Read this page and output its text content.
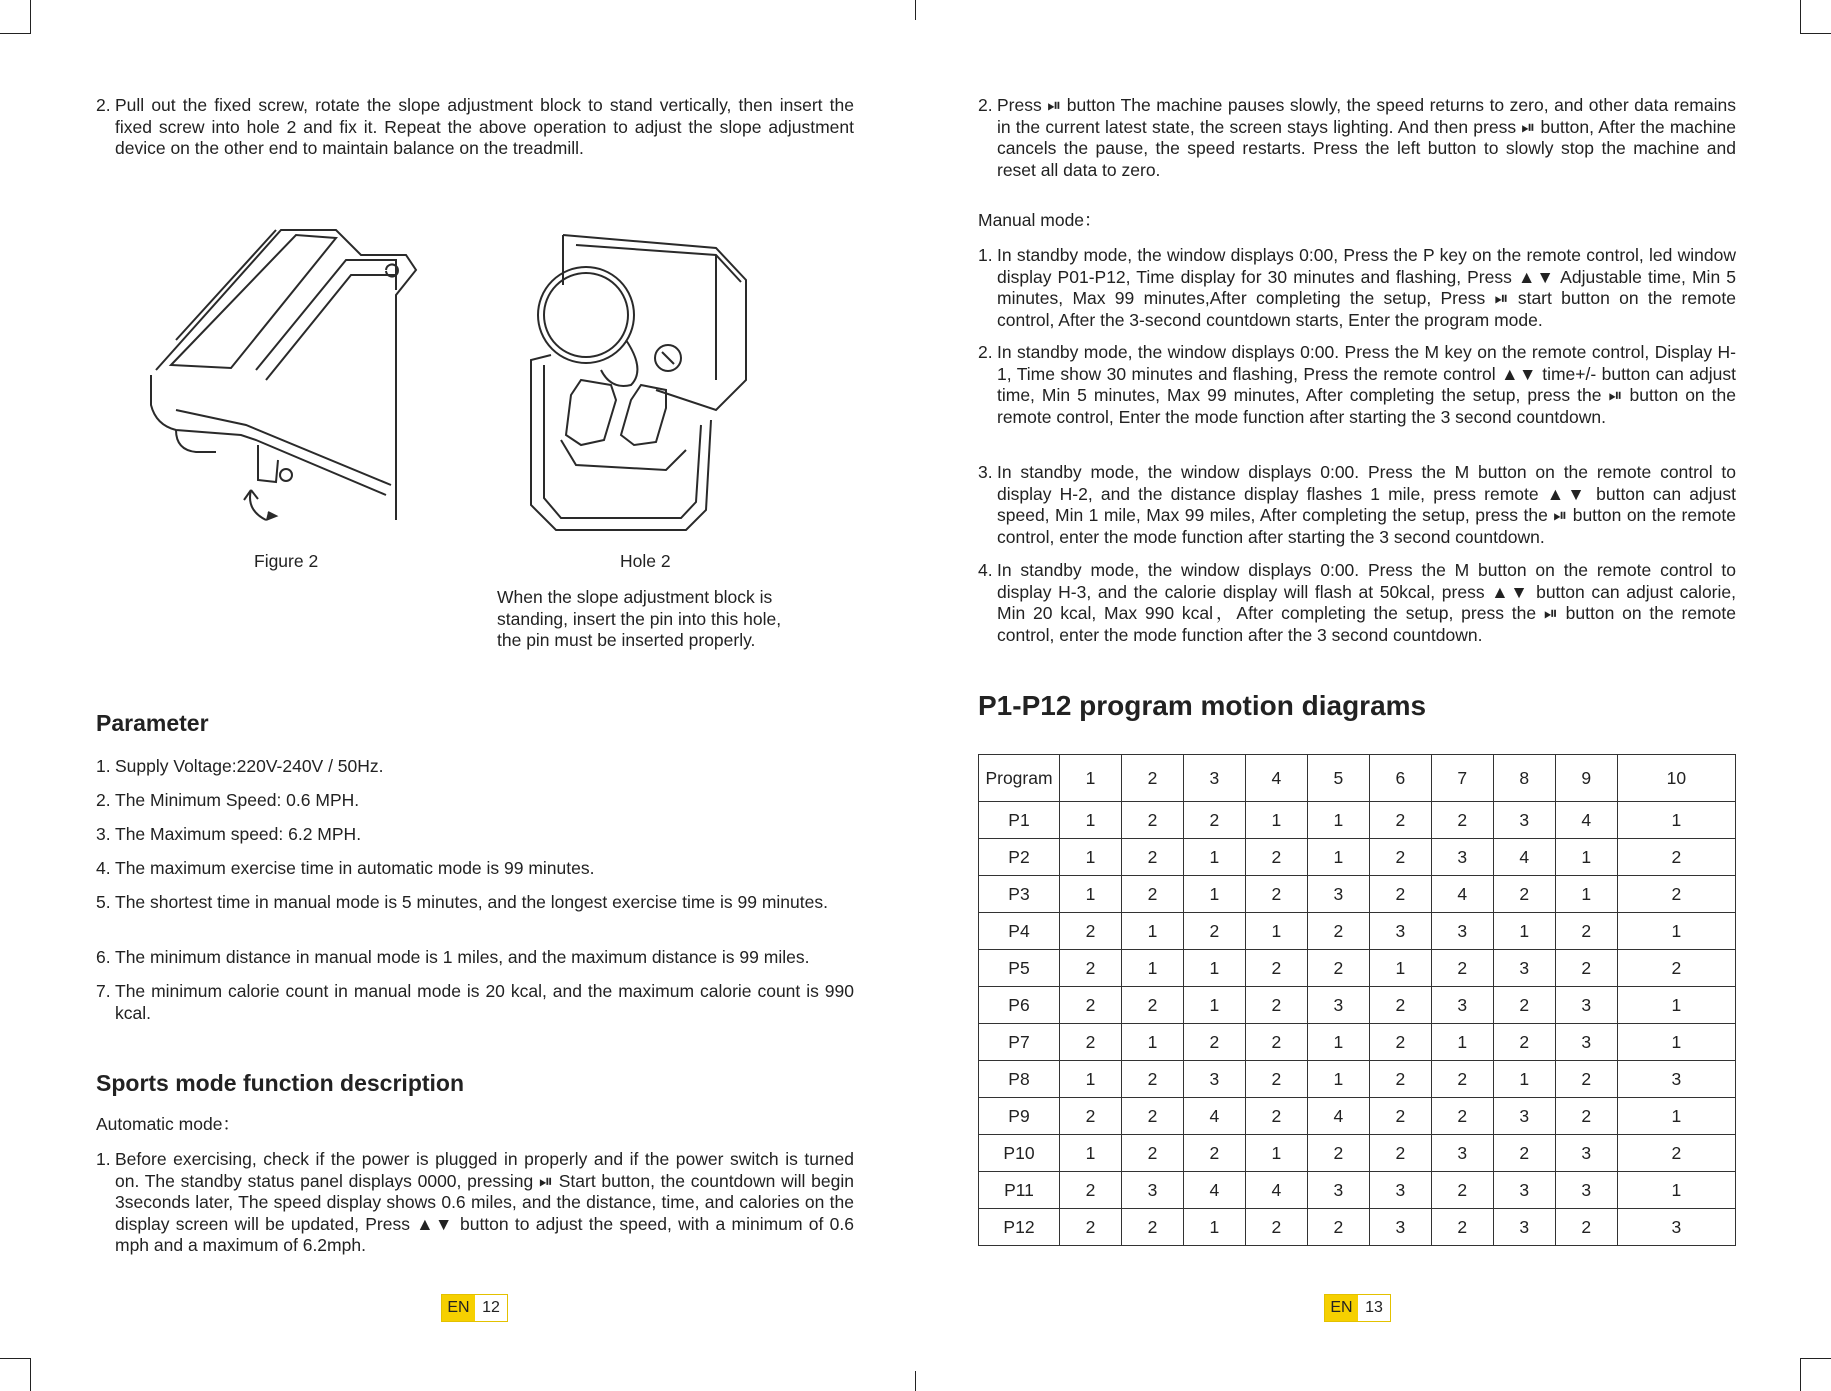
2. Pull out the fixed screw, rotate the slope adjustment block to stand vertically, then insert the fixed screw into hole 2 and fix it. Repeat the above operation to adjust the slope adjustment device on the other end to maintain balance on the treadmill.
Figure 2	Hole 2
When the slope adjustment block is standing, insert the pin into this hole, the pin must be inserted properly.
Parameter
1. Supply Voltage:220V-240V / 50Hz.
2. The Minimum Speed: 0.6 MPH.
3. The Maximum speed: 6.2 MPH.
4. The maximum exercise time in automatic mode is 99 minutes.
5. The shortest time in manual mode is 5 minutes, and the longest exercise time is 99 minutes.
6. The minimum distance in manual mode is 1 miles, and the maximum distance is 99 miles.
7. The minimum calorie count in manual mode is 20 kcal, and the maximum calorie count is 990 kcal.
Sports mode function description
Automatic mode：
1. Before exercising, check if the power is plugged in properly and if the power switch is turned on. The standby status panel displays 0000, pressing ⏯ Start button, the countdown will begin 3seconds later, The speed display shows 0.6 miles, and the distance, time, and calories on the display screen will be updated, Press ▲▼ button to adjust the speed, with a minimum of 0.6 mph and a maximum of 6.2mph.
EN 12
2. Press ⏯ button The machine pauses slowly, the speed returns to zero, and other data remains in the current latest state, the screen stays lighting. And then press ⏯ button, After the machine cancels the pause, the speed restarts. Press the left button to slowly stop the machine and reset all data to zero.
Manual mode：
1. In standby mode, the window displays 0:00, Press the P key on the remote control, led window display P01-P12, Time display for 30 minutes and flashing, Press ▲▼ Adjustable time, Min 5 minutes, Max 99 minutes,After completing the setup, Press ⏯ start button on the remote control, After the 3-second countdown starts, Enter the program mode.
2. In standby mode, the window displays 0:00. Press the M key on the remote control, Display H-1, Time show 30 minutes and flashing, Press the remote control ▲▼ time+/- button can adjust time, Min 5 minutes, Max 99 minutes, After completing the setup, press the ⏯ button on the remote control, Enter the mode function after starting the 3 second countdown.
3. In standby mode, the window displays 0:00. Press the M button on the remote control to display H-2, and the distance display flashes 1 mile, press remote ▲▼ button can adjust speed, Min 1 mile, Max 99 miles, After completing the setup, press the ⏯ button on the remote control, enter the mode function after starting the 3 second countdown.
4. In standby mode, the window displays 0:00. Press the M button on the remote control to display H-3, and the calorie display will flash at 50kcal, press ▲▼ button can adjust calorie, Min 20 kcal, Max 990 kcal，After completing the setup, press the ⏯ button on the remote control, enter the mode function after the 3 second countdown.
P1-P12 program motion diagrams
Program	1	2	3	4	5	6	7	8	9	10
P1	1	2	2	1	1	2	2	3	4	1
P2	1	2	1	2	1	2	3	4	1	2
P3	1	2	1	2	3	2	4	2	1	2
P4	2	1	2	1	2	3	3	1	2	1
P5	2	1	1	2	2	1	2	3	2	2
P6	2	2	1	2	3	2	3	2	3	1
P7	2	1	2	2	1	2	1	2	3	1
P8	1	2	3	2	1	2	2	1	2	3
P9	2	2	4	2	4	2	2	3	2	1
P10	1	2	2	1	2	2	3	2	3	2
P11	2	3	4	4	3	3	2	3	3	1
P12	2	2	1	2	2	3	2	3	2	3
EN 13
